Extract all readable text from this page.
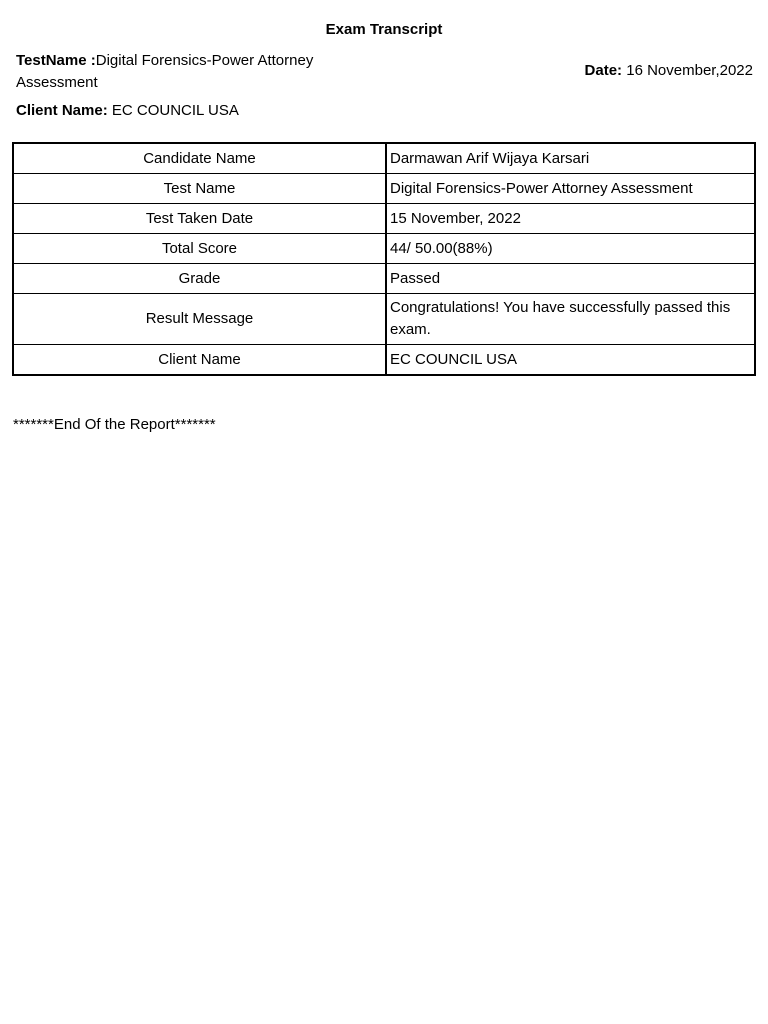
Exam Transcript
TestName :Digital Forensics-Power Attorney Assessment
Date: 16 November,2022
Client Name: EC COUNCIL USA
Candidate Name	Darmawan Arif Wijaya Karsari
Test Name	Digital Forensics-Power Attorney Assessment
Test Taken Date	15 November, 2022
Total Score	44/ 50.00(88%)
Grade	Passed
Result Message	Congratulations! You have successfully passed this exam.
Client Name	EC COUNCIL USA
*******End Of the Report*******
